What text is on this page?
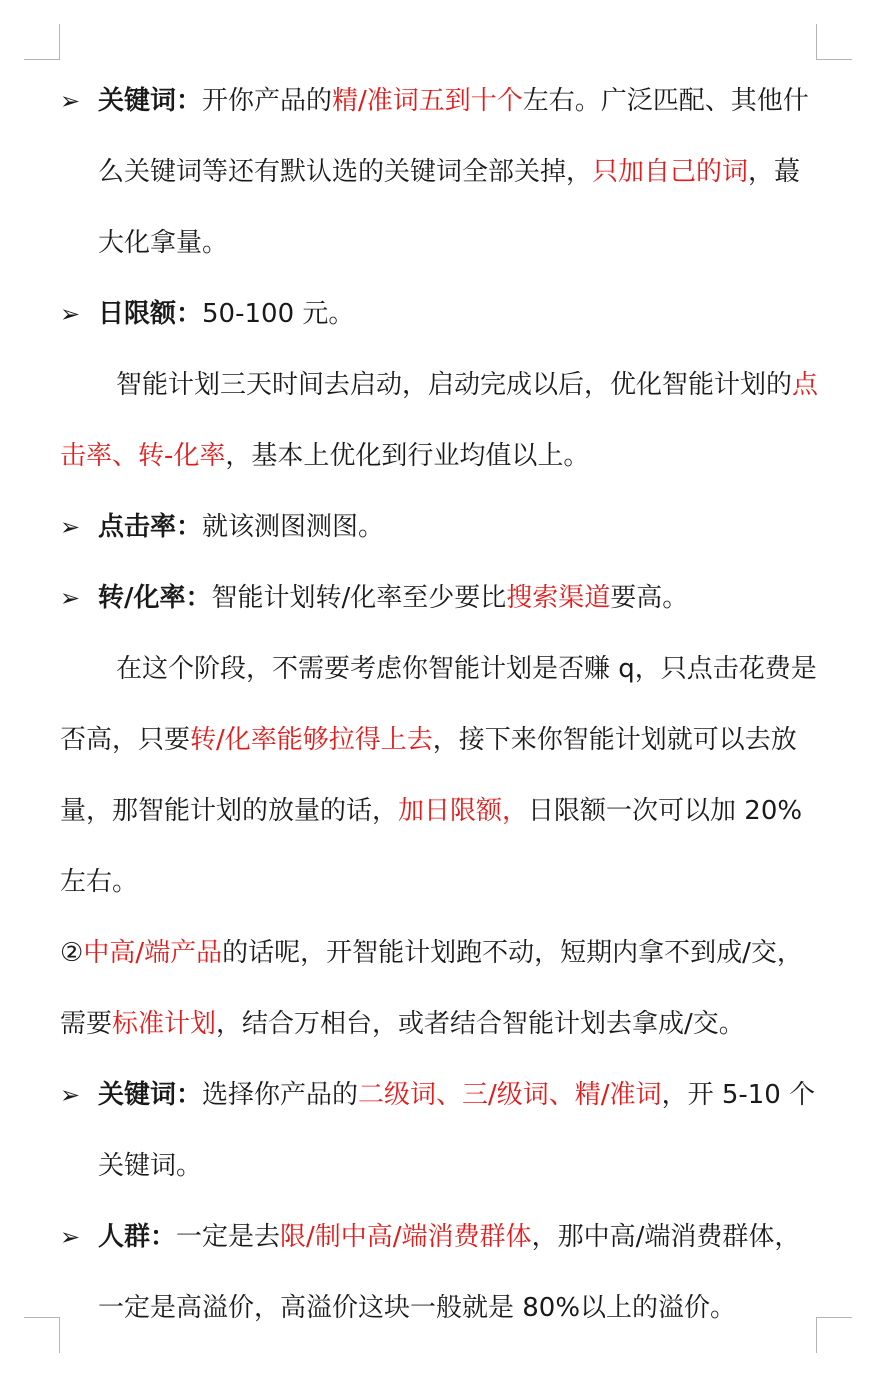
➢ 关键词：开你产品的精/准词五到十个左右。广泛匹配、其他什么关键词等还有默认选的关键词全部关掉，只加自己的词，蕞大化拿量。

➢ 日限额：50-100 元。

智能计划三天时间去启动，启动完成以后，优化智能计划的点击率、转-化率，基本上优化到行业均值以上。

➢ 点击率：就该测图测图。

➢ 转/化率：智能计划转/化率至少要比搜索渠道要高。

在这个阶段，不需要考虑你智能计划是否赚 q，只点击花费是否高，只要转/化率能够拉得上去，接下来你智能计划就可以去放量，那智能计划的放量的话，加日限额，日限额一次可以加 20%左右。

②中高/端产品的话呢，开智能计划跑不动，短期内拿不到成/交，需要标准计划，结合万相台，或者结合智能计划去拿成/交。

➢ 关键词：选择你产品的二级词、三/级词、精/准词，开 5-10 个关键词。

➢ 人群：一定是去限/制中高/端消费群体，那中高/端消费群体，一定是高溢价，高溢价这块一般就是 80%以上的溢价。
